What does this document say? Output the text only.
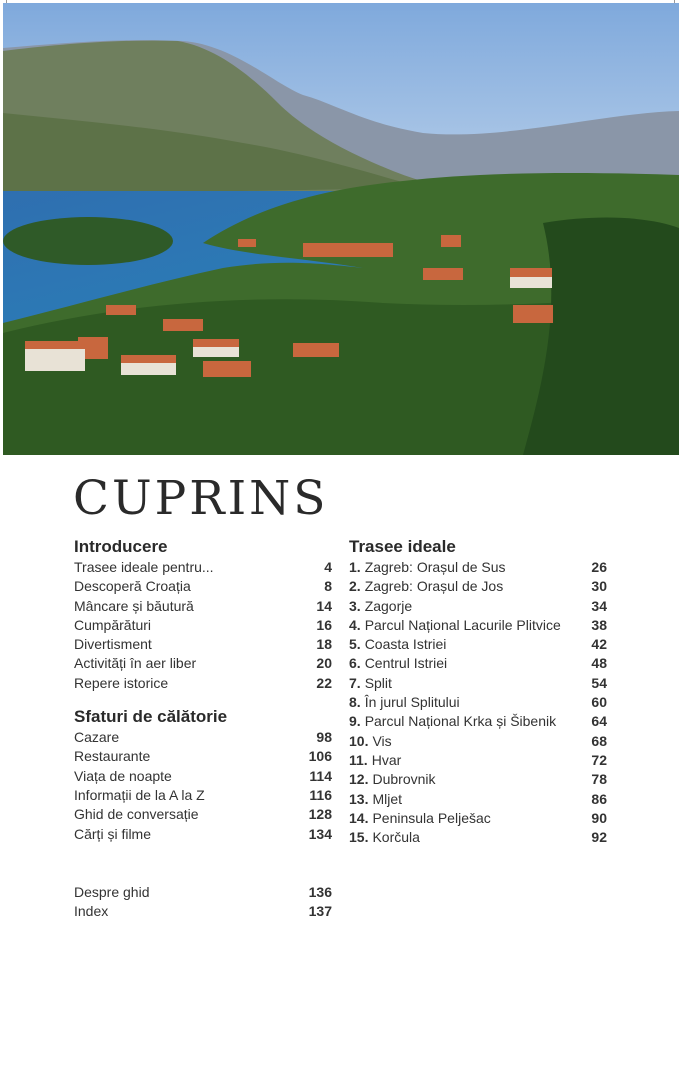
CUPRINS
Introducere
Trasee ideale pentru...	4
Descoperă Croația	8
Mâncare și băutură	14
Cumpărături	16
Divertisment	18
Activități în aer liber	20
Repere istorice	22
Sfaturi de călătorie
Cazare	98
Restaurante	106
Viața de noapte	114
Informații de la A la Z	116
Ghid de conversație	128
Cărți și filme	134
Despre ghid	136
Index	137
Trasee ideale
1. Zagreb: Orașul de Sus	26
2. Zagreb: Orașul de Jos	30
3. Zagorje	34
4. Parcul Național Lacurile Plitvice 38
5. Coasta Istriei	42
6. Centrul Istriei	48
7. Split	54
8. În jurul Splitului	60
9. Parcul Național Krka și Šibenik	64
10. Vis	68
11. Hvar	72
12. Dubrovnik	78
13. Mljet	86
14. Peninsula Pelješac	90
15. Korčula	92
